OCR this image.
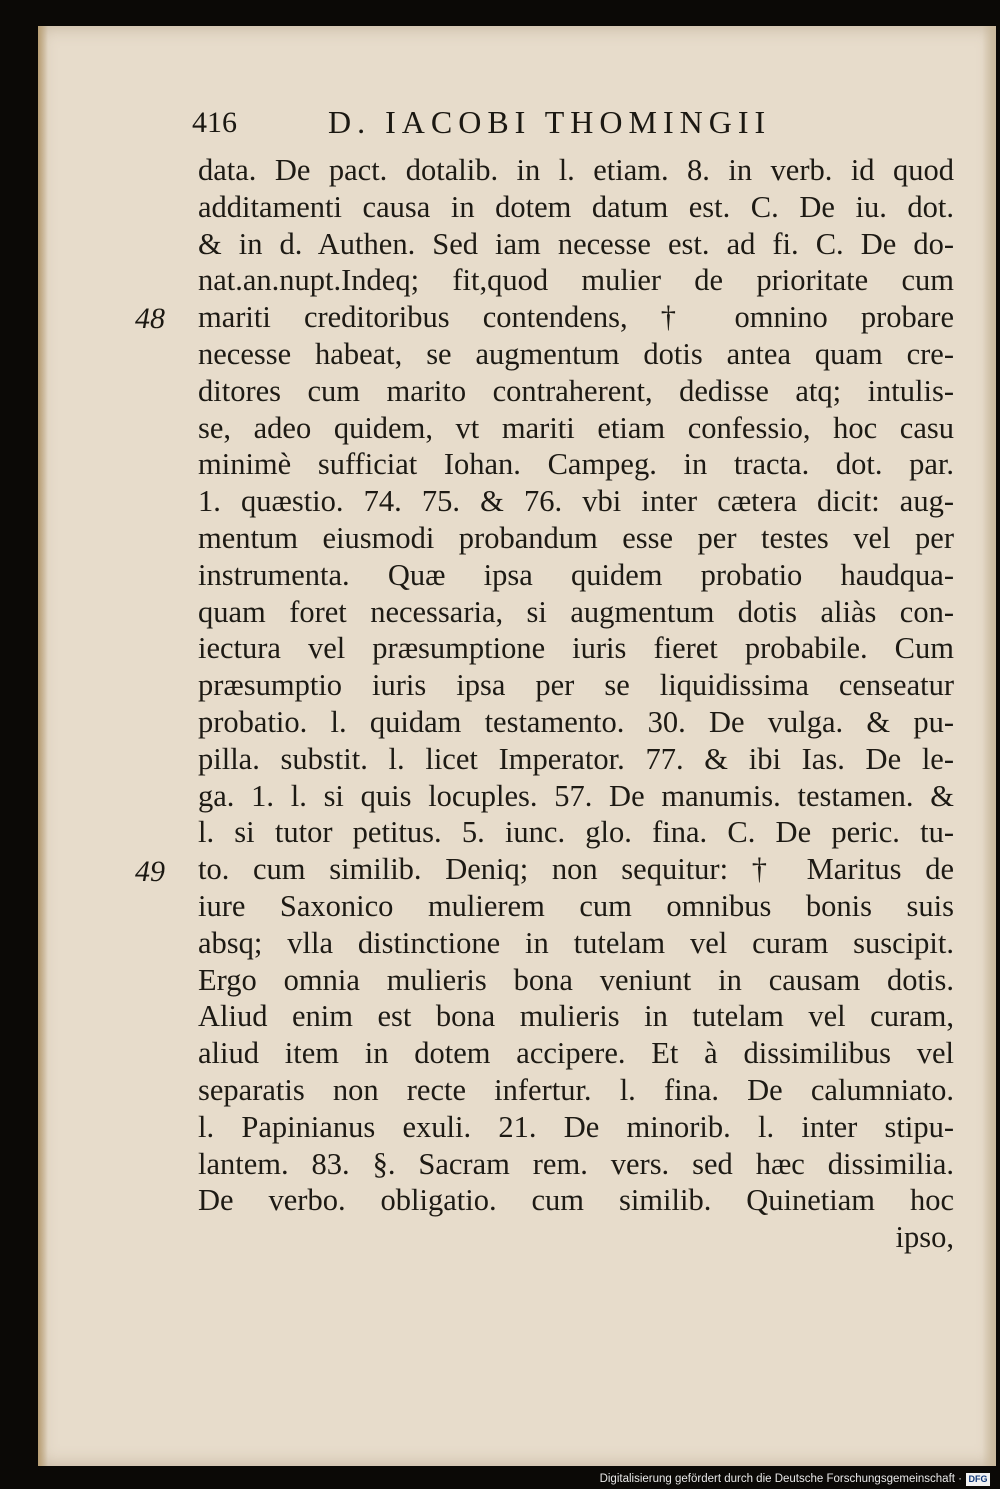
416	D. IACOBI THOMINGII
48
49
data. De pact. dotalib. in l. etiam. 8. in verb. id quod
additamenti causa in dotem datum est. C. De iu. dot.
& in d. Authen. Sed iam necesse est. ad fi. C. De do-
nat.an.nupt.Indeq; fit,quod mulier de prioritate cum
mariti creditoribus contendens, † omnino probare
necesse habeat, se augmentum dotis antea quam cre-
ditores cum marito contraherent, dedisse atq; intulis-
se, adeo quidem, vt mariti etiam confessio, hoc casu
minimè sufficiat Iohan. Campeg. in tracta. dot. par.
1. quæstio. 74. 75. & 76. vbi inter cætera dicit: aug-
mentum eiusmodi probandum esse per testes vel per
instrumenta. Quæ ipsa quidem probatio haudqua-
quam foret necessaria, si augmentum dotis aliàs con-
iectura vel præsumptione iuris fieret probabile. Cum
præsumptio iuris ipsa per se liquidissima censeatur
probatio. l. quidam testamento. 30. De vulga. & pu-
pilla. substit. l. licet Imperator. 77. & ibi Ias. De le-
ga. 1. l. si quis locuples. 57. De manumis. testamen. &
l. si tutor petitus. 5. iunc. glo. fina. C. De peric. tu-
to. cum similib. Deniq; non sequitur: † Maritus de
iure Saxonico mulierem cum omnibus bonis suis
absq; vlla distinctione in tutelam vel curam suscipit.
Ergo omnia mulieris bona veniunt in causam dotis.
Aliud enim est bona mulieris in tutelam vel curam,
aliud item in dotem accipere. Et à dissimilibus vel
separatis non recte infertur. l. fina. De calumniato.
l. Papinianus exuli. 21. De minorib. l. inter stipu-
lantem. 83. §. Sacram rem. vers. sed hæc dissimilia.
De verbo. obligatio. cum similib. Quinetiam hoc
ipso,
Digitalisierung gefördert durch die Deutsche Forschungsgemeinschaft · DFG
